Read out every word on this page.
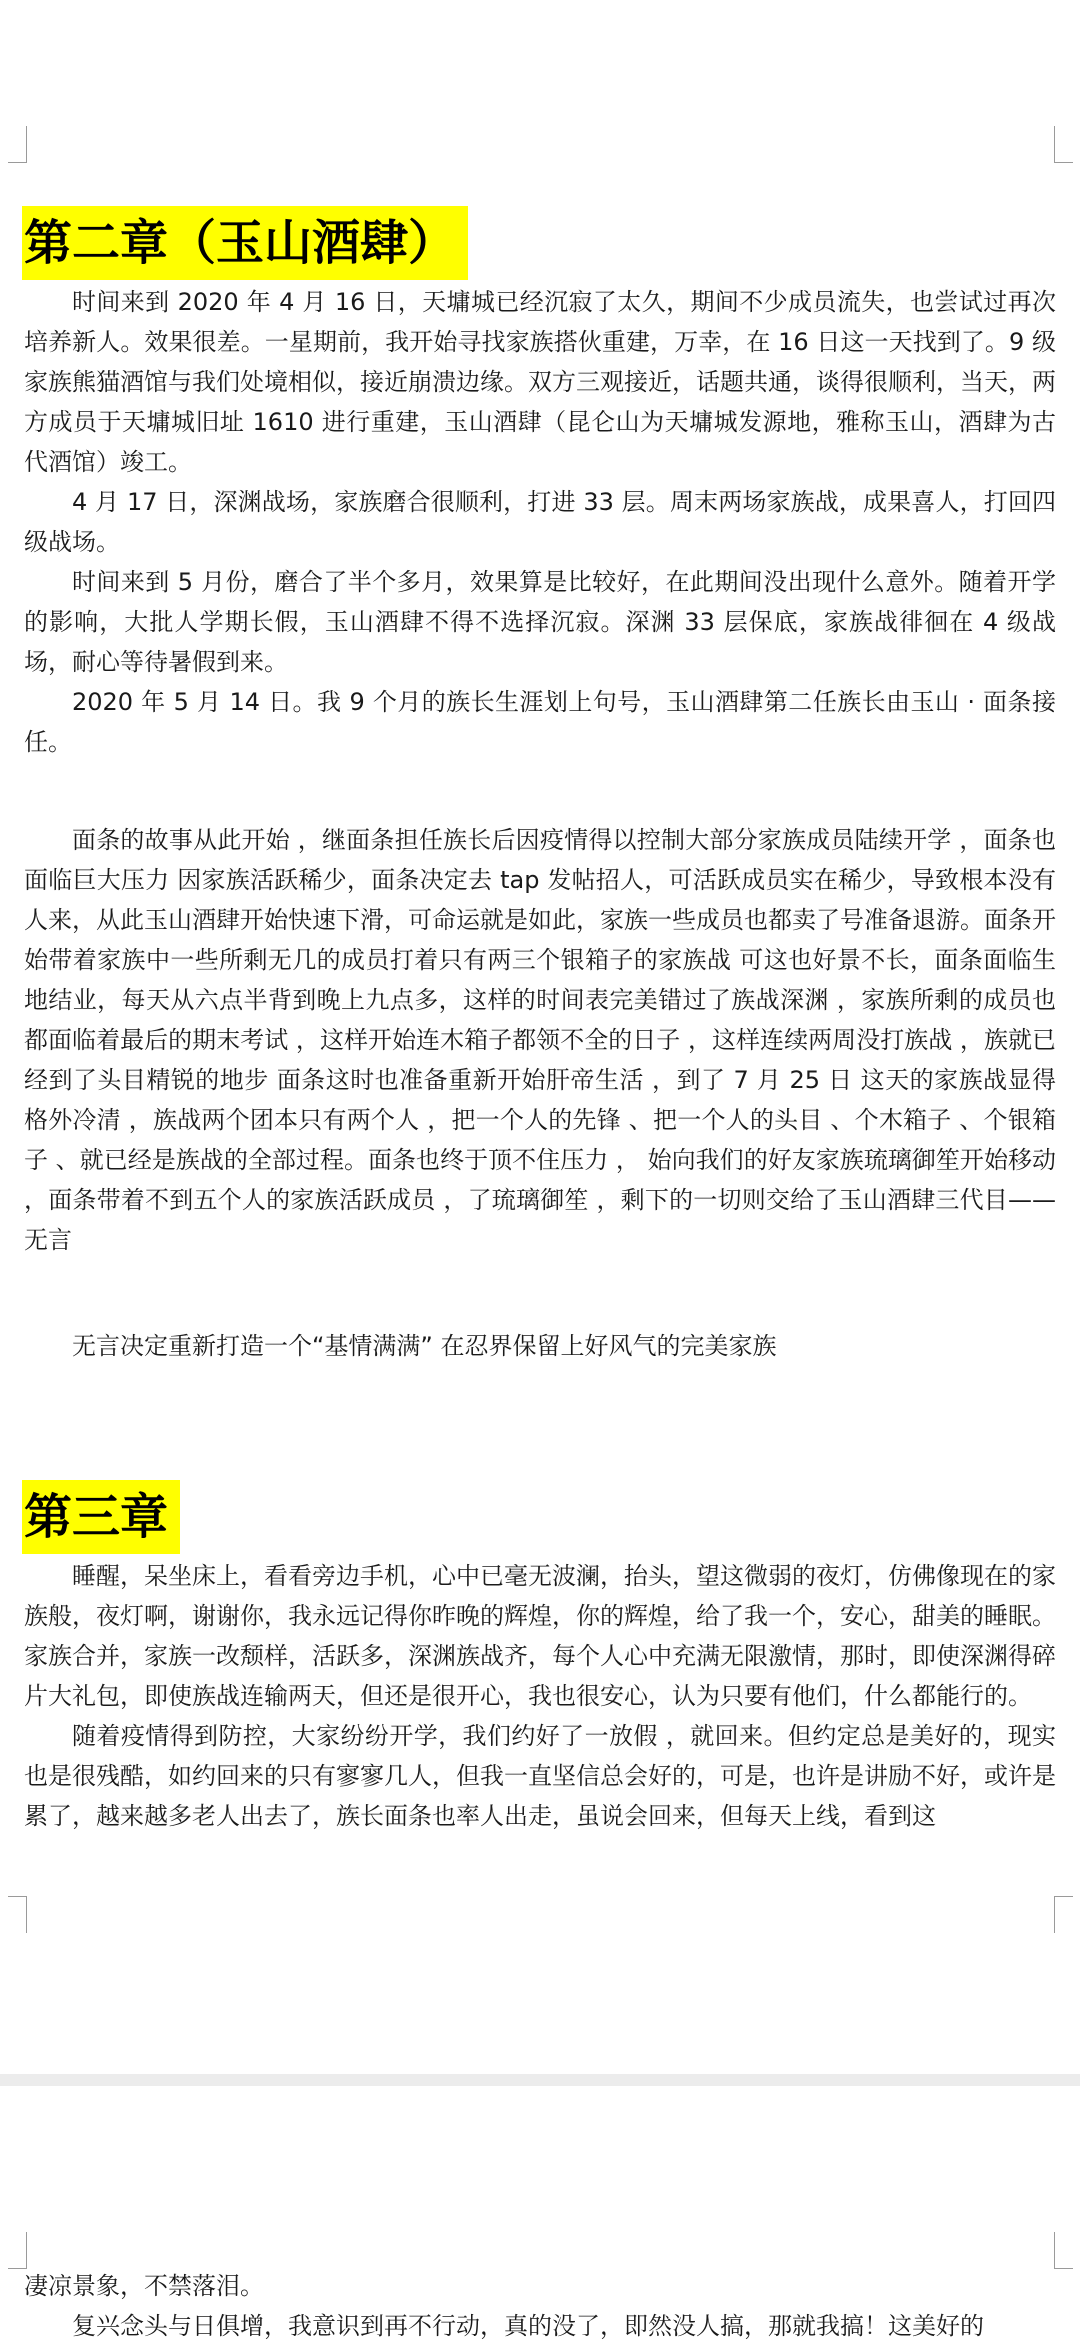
第二章（玉山酒肆）

时间来到 2020 年 4 月 16 日，天墉城已经沉寂了太久，期间不少成员流失，也尝试过再次培养新人。效果很差。一星期前，我开始寻找家族搭伙重建，万幸，在 16 日这一天找到了。9 级家族熊猫酒馆与我们处境相似，接近崩溃边缘。双方三观接近，话题共通，谈得很顺利，当天，两方成员于天墉城旧址 1610 进行重建，玉山酒肆（昆仑山为天墉城发源地，雅称玉山，酒肆为古代酒馆）竣工。

4 月 17 日，深渊战场，家族磨合很顺利，打进 33 层。周末两场家族战，成果喜人，打回四级战场。

时间来到 5 月份，磨合了半个多月，效果算是比较好，在此期间没出现什么意外。随着开学的影响，大批人学期长假，玉山酒肆不得不选择沉寂。深渊 33 层保底，家族战徘徊在 4 级战场，耐心等待暑假到来。

2020 年 5 月 14 日。我 9 个月的族长生涯划上句号，玉山酒肆第二任族长由玉山 · 面条接任。

面条的故事从此开始 ，继面条担任族长后因疫情得以控制大部分家族成员陆续开学 ，面条也面临巨大压力 因家族活跃稀少，面条决定去 tap 发帖招人，可活跃成员实在稀少，导致根本没有人来，从此玉山酒肆开始快速下滑，可命运就是如此，家族一些成员也都卖了号准备退游。面条开始带着家族中一些所剩无几的成员打着只有两三个银箱子的家族战 可这也好景不长，面条面临生地结业，每天从六点半背到晚上九点多，这样的时间表完美错过了族战深渊 ，家族所剩的成员也都面临着最后的期末考试 ，这样开始连木箱子都领不全的日子 ，这样连续两周没打族战 ，族就已经到了头目精锐的地步 面条这时也准备重新开始肝帝生活 ，到了 7 月 25 日 这天的家族战显得格外冷清 ，族战两个团本只有两个人 ，把一个人的先锋 、把一个人的头目 、个木箱子 、个银箱子 、就已经是族战的全部过程。面条也终于顶不住压力 ， 始向我们的好友家族琉璃御笙开始移动 ，面条带着不到五个人的家族活跃成员 ，了琉璃御笙 ，剩下的一切则交给了玉山酒肆三代目——无言

无言决定重新打造一个“基情满满” 在忍界保留上好风气的完美家族

第三章

睡醒，呆坐床上，看看旁边手机，心中已毫无波澜，抬头，望这微弱的夜灯，仿佛像现在的家族般，夜灯啊，谢谢你，我永远记得你昨晚的辉煌，你的辉煌，给了我一个，安心，甜美的睡眠。 家族合并，家族一改颓样，活跃多，深渊族战齐，每个人心中充满无限激情，那时，即使深渊得碎片大礼包，即使族战连输两天，但还是很开心，我也很安心，认为只要有他们，什么都能行的。

随着疫情得到防控，大家纷纷开学，我们约好了一放假 ，就回来。但约定总是美好的，现实也是很残酷，如约回来的只有寥寥几人，但我一直坚信总会好的，可是，也许是讲励不好，或许是累了，越来越多老人出去了，族长面条也率人出走，虽说会回来，但每天上线，看到这

凄凉景象，不禁落泪。

复兴念头与日俱增，我意识到再不行动，真的没了，即然没人搞，那就我搞！这美好的
